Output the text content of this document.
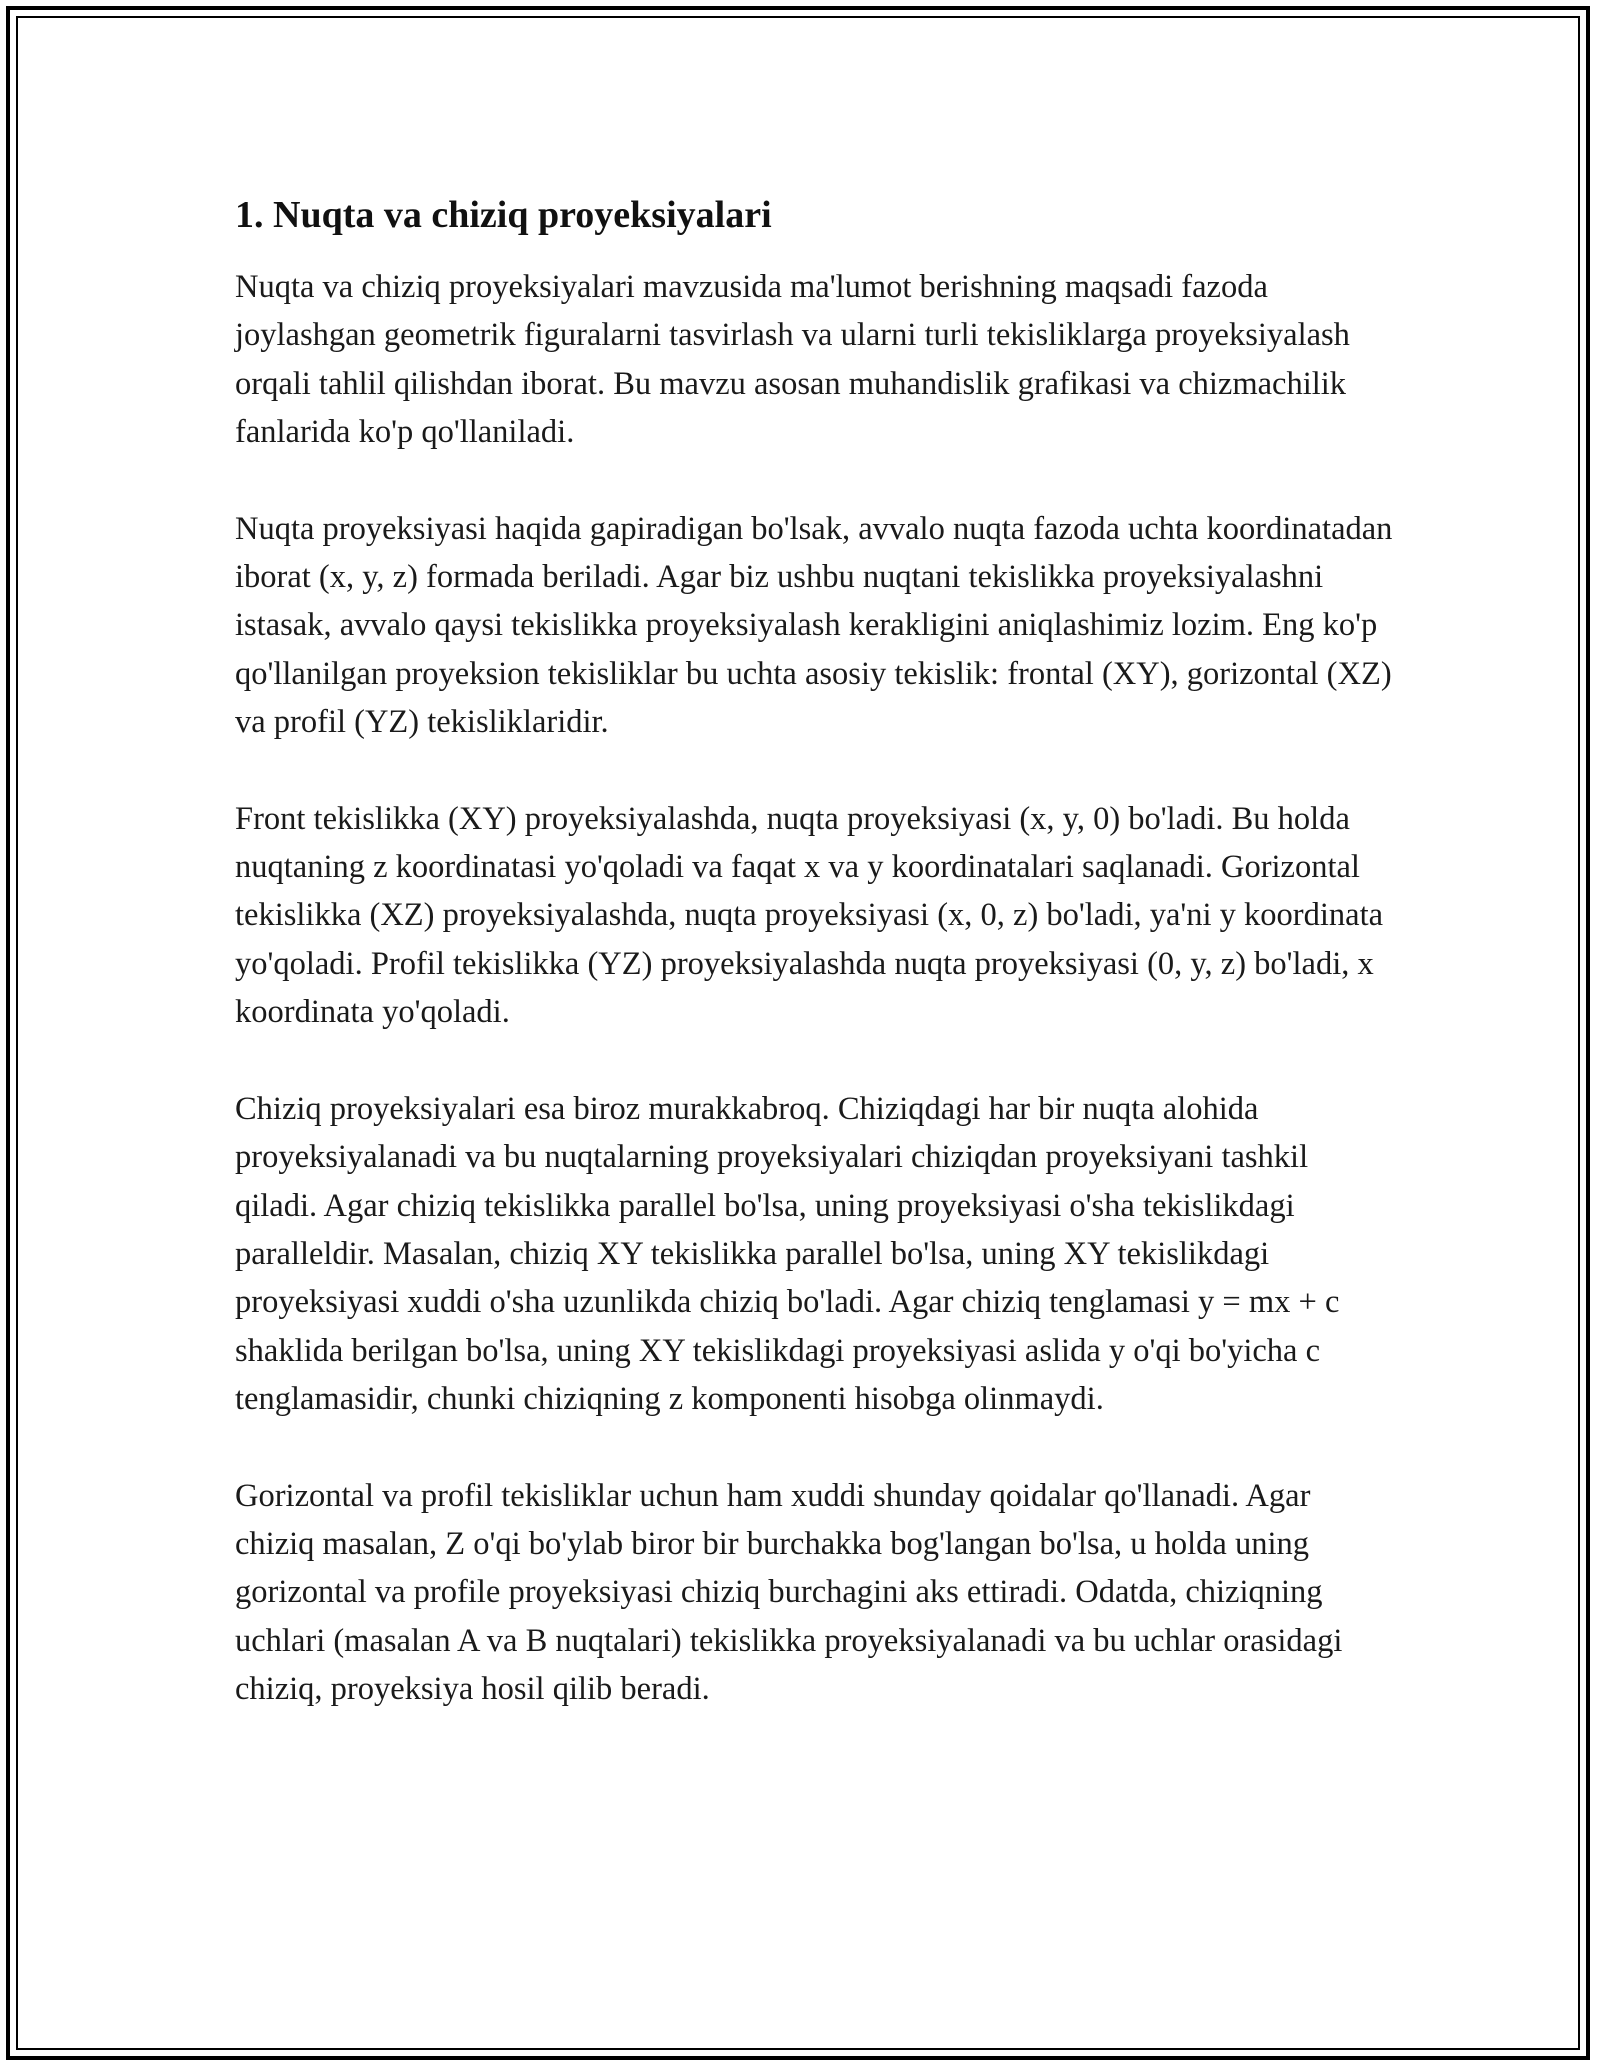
1. Nuqta va chiziq proyeksiyalari

Nuqta va chiziq proyeksiyalari mavzusida ma'lumot berishning maqsadi fazoda joylashgan geometrik figuralarni tasvirlash va ularni turli tekisliklarga proyeksiyalash orqali tahlil qilishdan iborat. Bu mavzu asosan muhandislik grafikasi va chizmachilik fanlarida ko'p qo'llaniladi.

Nuqta proyeksiyasi haqida gapiradigan bo'lsak, avvalo nuqta fazoda uchta koordinatadan iborat (x, y, z) formada beriladi. Agar biz ushbu nuqtani tekislikka proyeksiyalashni istasak, avvalo qaysi tekislikka proyeksiyalash kerakligini aniqlashimiz lozim. Eng ko'p qo'llanilgan proyeksion tekisliklar bu uchta asosiy tekislik: frontal (XY), gorizontal (XZ) va profil (YZ) tekisliklaridir.

Front tekislikka (XY) proyeksiyalashda, nuqta proyeksiyasi (x, y, 0) bo'ladi. Bu holda nuqtaning z koordinatasi yo'qoladi va faqat x va y koordinatalari saqlanadi. Gorizontal tekislikka (XZ) proyeksiyalashda, nuqta proyeksiyasi (x, 0, z) bo'ladi, ya'ni y koordinata yo'qoladi. Profil tekislikka (YZ) proyeksiyalashda nuqta proyeksiyasi (0, y, z) bo'ladi, x koordinata yo'qoladi.

Chiziq proyeksiyalari esa biroz murakkabroq. Chiziqdagi har bir nuqta alohida proyeksiyalanadi va bu nuqtalarning proyeksiyalari chiziqdan proyeksiyani tashkil qiladi. Agar chiziq tekislikka parallel bo'lsa, uning proyeksiyasi o'sha tekislikdagi paralleldir. Masalan, chiziq XY tekislikka parallel bo'lsa, uning XY tekislikdagi proyeksiyasi xuddi o'sha uzunlikda chiziq bo'ladi. Agar chiziq tenglamasi y = mx + c shaklida berilgan bo'lsa, uning XY tekislikdagi proyeksiyasi aslida y o'qi bo'yicha c tenglamasidir, chunki chiziqning z komponenti hisobga olinmaydi.

Gorizontal va profil tekisliklar uchun ham xuddi shunday qoidalar qo'llanadi. Agar chiziq masalan, Z o'qi bo'ylab biror bir burchakka bog'langan bo'lsa, u holda uning gorizontal va profile proyeksiyasi chiziq burchagini aks ettiradi. Odatda, chiziqning uchlari (masalan A va B nuqtalari) tekislikka proyeksiyalanadi va bu uchlar orasidagi chiziq, proyeksiya hosil qilib beradi.
